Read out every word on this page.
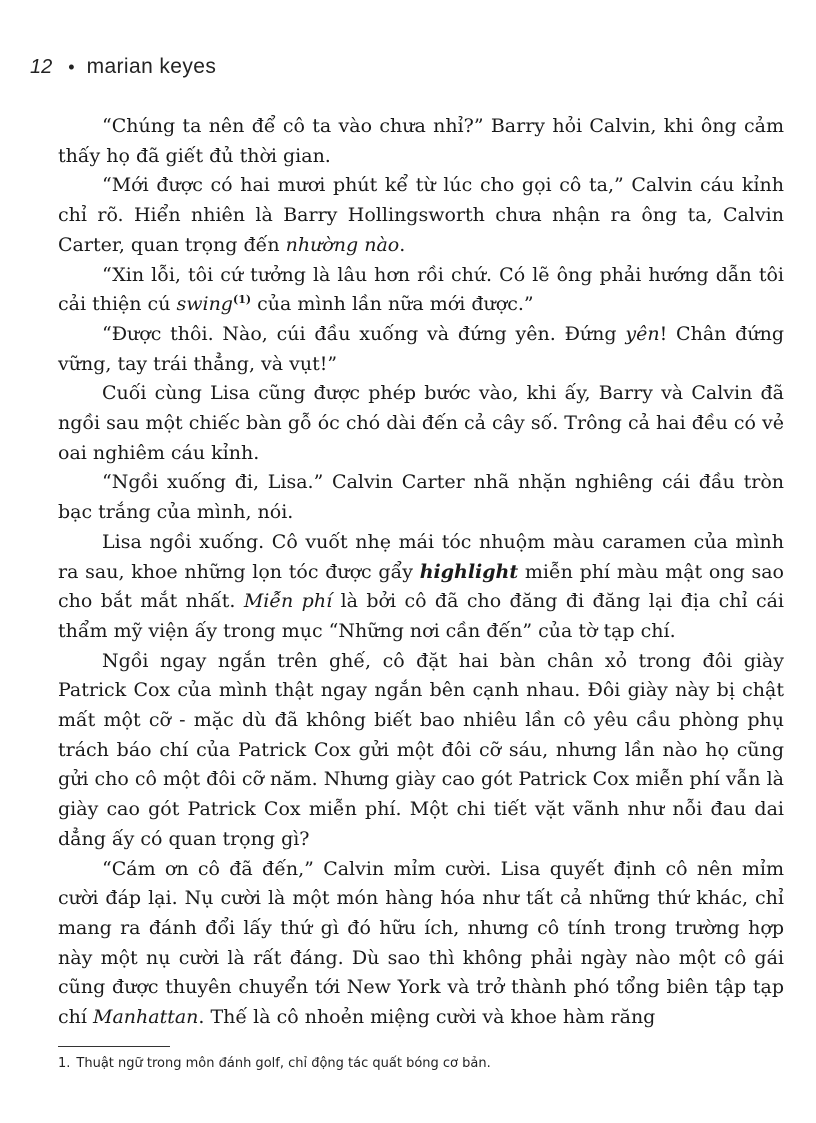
12 • marian keyes

“Chúng ta nên để cô ta vào chưa nhỉ?” Barry hỏi Calvin, khi ông cảm thấy họ đã giết đủ thời gian.

“Mới được có hai mươi phút kể từ lúc cho gọi cô ta,” Calvin cáu kỉnh chỉ rõ. Hiển nhiên là Barry Hollingsworth chưa nhận ra ông ta, Calvin Carter, quan trọng đến nhường nào.

“Xin lỗi, tôi cứ tưởng là lâu hơn rồi chứ. Có lẽ ông phải hướng dẫn tôi cải thiện cú swing$^{(1)}$ của mình lần nữa mới được.”

“Được thôi. Nào, cúi đầu xuống và đứng yên. Đứng yên! Chân đứng vững, tay trái thẳng, và vụt!”

Cuối cùng Lisa cũng được phép bước vào, khi ấy, Barry và Calvin đã ngồi sau một chiếc bàn gỗ óc chó dài đến cả cây số. Trông cả hai đều có vẻ oai nghiêm cáu kỉnh.

“Ngồi xuống đi, Lisa.” Calvin Carter nhã nhặn nghiêng cái đầu tròn bạc trắng của mình, nói.

Lisa ngồi xuống. Cô vuốt nhẹ mái tóc nhuộm màu caramen của mình ra sau, khoe những lọn tóc được gẩy highlight miễn phí màu mật ong sao cho bắt mắt nhất. Miễn phí là bởi cô đã cho đăng đi đăng lại địa chỉ cái thẩm mỹ viện ấy trong mục “Những nơi cần đến” của tờ tạp chí.

Ngồi ngay ngắn trên ghế, cô đặt hai bàn chân xỏ trong đôi giày Patrick Cox của mình thật ngay ngắn bên cạnh nhau. Đôi giày này bị chật mất một cỡ - mặc dù đã không biết bao nhiêu lần cô yêu cầu phòng phụ trách báo chí của Patrick Cox gửi một đôi cỡ sáu, nhưng lần nào họ cũng gửi cho cô một đôi cỡ năm. Nhưng giày cao gót Patrick Cox miễn phí vẫn là giày cao gót Patrick Cox miễn phí. Một chi tiết vặt vãnh như nỗi đau dai dẳng ấy có quan trọng gì?

“Cám ơn cô đã đến,” Calvin mỉm cười. Lisa quyết định cô nên mỉm cười đáp lại. Nụ cười là một món hàng hóa như tất cả những thứ khác, chỉ mang ra đánh đổi lấy thứ gì đó hữu ích, nhưng cô tính trong trường hợp này một nụ cười là rất đáng. Dù sao thì không phải ngày nào một cô gái cũng được thuyên chuyển tới New York và trở thành phó tổng biên tập tạp chí Manhattan. Thế là cô nhoẻn miệng cười và khoe hàm răng

1. Thuật ngữ trong môn đánh golf, chỉ động tác quất bóng cơ bản.
